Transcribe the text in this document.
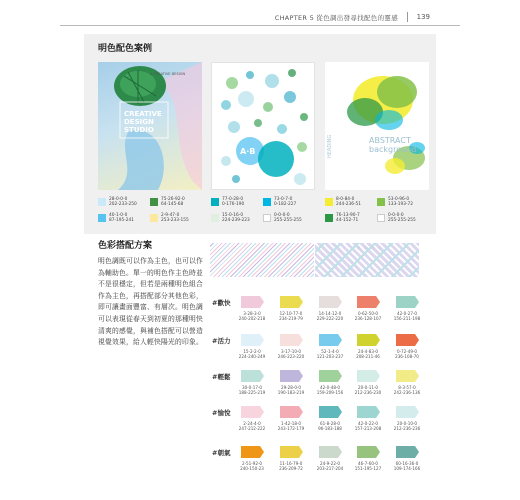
CHAPTER 5 從色調出發尋找配色的靈感	139
明色配色案例
A CREATIVE DESIGN
CREATIVE
DESIGN
STUDIO
A·B
ABSTRACT
background
HEADING
28-0-0-0
202-233-250
75-26-92-0
64-145-68
40-1-0-0
87-195-241
2-9-47-0
253-233-155
77-0-28-0
0-176-190
73-0-7-0
0-182-227
15-0-16-0
224-239-223
0-0-0-0
255-255-255
8-0-84-0
244-236-51
53-0-96-0
133-193-72
76-13-90-7
44-152-71
0-0-0-0
255-255-255
色彩搭配方案
明色調既可以作為主色，也可以作為輔助色。單一的明色作主色時並不是很穩定，但若是兩種明色組合作為主色，再搭配部分其他色彩，即可讓畫面豐富、有層次。明色調可以表現從春天到初夏的那種明快清爽的感覺，與補色搭配可以營造視覺效果，給人輕快陽光的印象。
#歡快
3-28-3-0
240-202-218
12-10-77-0
234-219-79
14-14-12-0
229-222-220
0-62-50-0
236-128-107
42-0-27-0
156-211-198
#活力
15-2-2-0
224-240-249
3-17-10-0
246-223-220
52-1-4-0
121-203-237
24-4-83-0
208-211-46
0-72-49-0
236-108-70
#輕鬆
30-0-17-0
188-225-219
29-28-0-0
190-183-219
42-0-48-0
159-209-156
20-0-11-0
212-236-230
8-3-57-0
242-236-136
#愉悅
2-24-4-0
247-212-222
1-42-18-0
243-172-179
61-8-28-0
96-183-188
42-0-22-0
157-213-208
20-0-10-0
212-236-236
#朝氣
2-51-92-0
240-150-23
11-16-79-0
236-209-72
24-9-22-0
203-217-204
46-7-60-0
151-195-127
60-16-36-0
109-174-166
